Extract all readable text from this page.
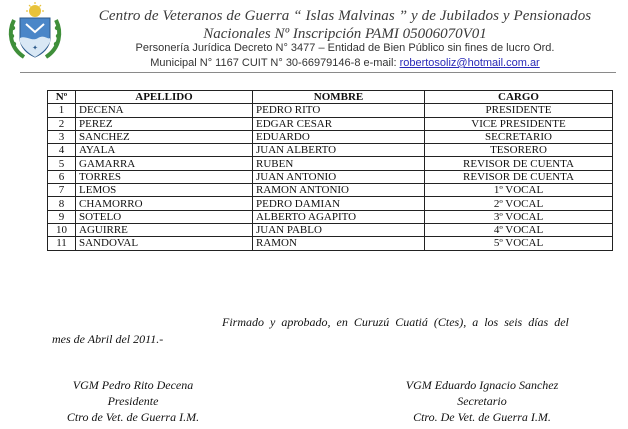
✦
Centro de Veteranos de Guerra “ Islas Malvinas ” y de Jubilados y Pensionados
Nacionales Nº Inscripción PAMI 05006070V01
Personería Jurídica Decreto N° 3477 – Entidad de Bien Público sin fines de lucro Ord.
Municipal N° 1167 CUIT N° 30-66979146-8 e-mail: robertosoliz@hotmail.com.ar
Nº	APELLIDO	NOMBRE	CARGO
1	DECENA	PEDRO RITO	PRESIDENTE
2	PEREZ	EDGAR CESAR	VICE PRESIDENTE
3	SANCHEZ	EDUARDO	SECRETARIO
4	AYALA	JUAN ALBERTO	TESORERO
5	GAMARRA	RUBEN	REVISOR DE CUENTA
6	TORRES	JUAN ANTONIO	REVISOR DE CUENTA
7	LEMOS	RAMON ANTONIO	1º VOCAL
8	CHAMORRO	PEDRO DAMIAN	2º VOCAL
9	SOTELO	ALBERTO AGAPITO	3º VOCAL
10	AGUIRRE	JUAN PABLO	4º VOCAL
11	SANDOVAL	RAMON	5º VOCAL
Firmado y aprobado, en Curuzú Cuatiá (Ctes), a los seis días del
mes de Abril del 2011.-
VGM Pedro Rito Decena
Presidente
Ctro de Vet. de Guerra I.M.
VGM Eduardo Ignacio Sanchez
Secretario
Ctro. De Vet. de Guerra I.M.
